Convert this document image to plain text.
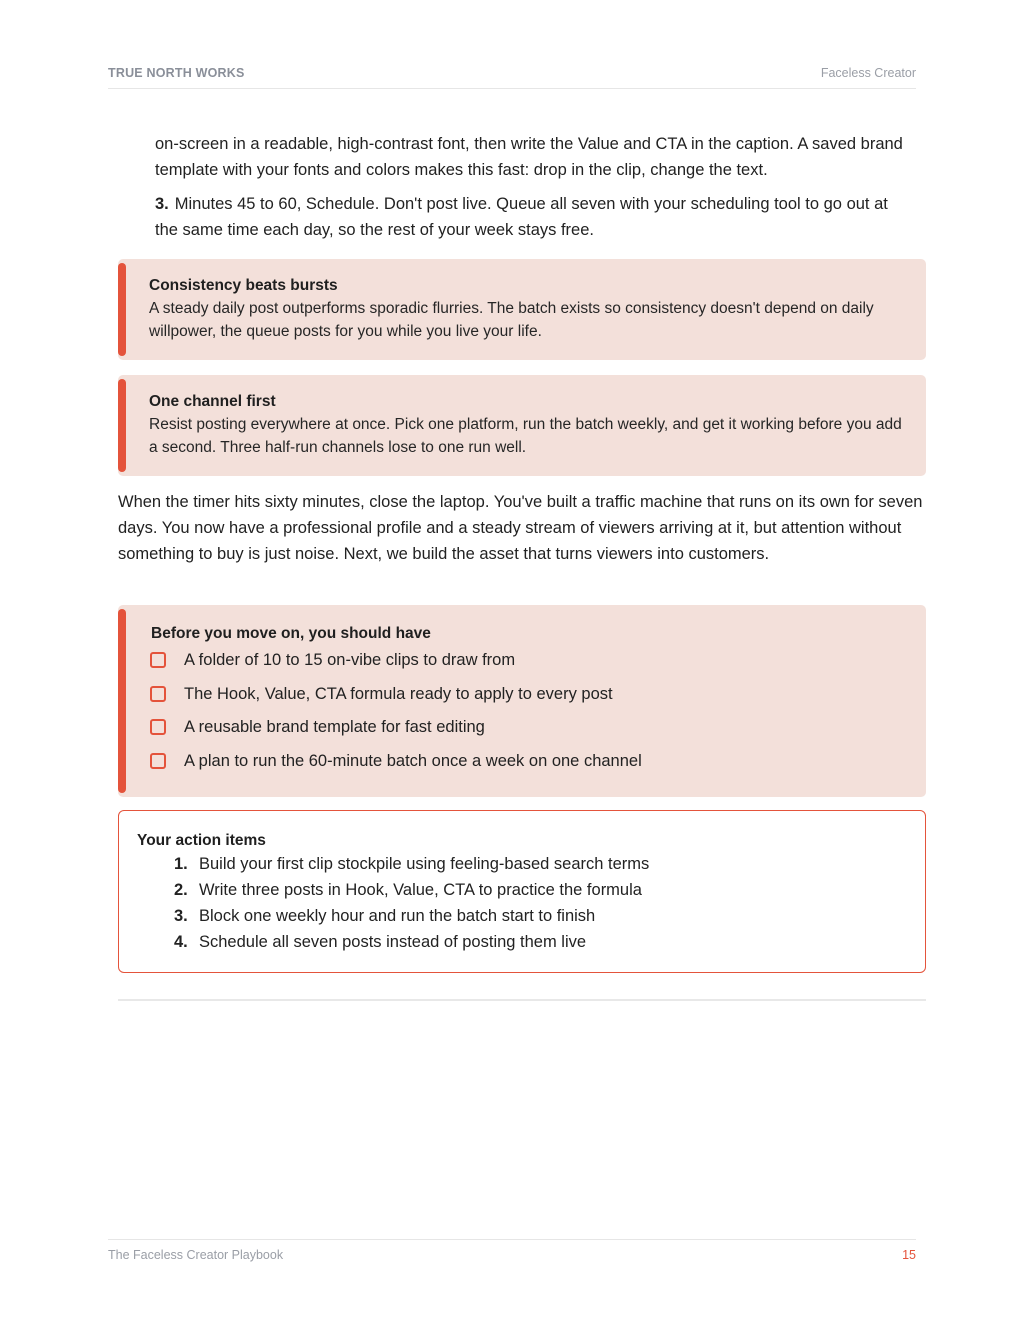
TRUE NORTH WORKS	Faceless Creator

on-screen in a readable, high-contrast font, then write the Value and CTA in the caption. A saved brand template with your fonts and colors makes this fast: drop in the clip, change the text.

3. Minutes 45 to 60, Schedule. Don't post live. Queue all seven with your scheduling tool to go out at the same time each day, so the rest of your week stays free.

Consistency beats bursts

A steady daily post outperforms sporadic flurries. The batch exists so consistency doesn't depend on daily willpower, the queue posts for you while you live your life.

One channel first

Resist posting everywhere at once. Pick one platform, run the batch weekly, and get it working before you add a second. Three half-run channels lose to one run well.

When the timer hits sixty minutes, close the laptop. You've built a traffic machine that runs on its own for seven days. You now have a professional profile and a steady stream of viewers arriving at it, but attention without something to buy is just noise. Next, we build the asset that turns viewers into customers.

Before you move on, you should have
A folder of 10 to 15 on-vibe clips to draw from
The Hook, Value, CTA formula ready to apply to every post
A reusable brand template for fast editing
A plan to run the 60-minute batch once a week on one channel
Your action items
1. Build your first clip stockpile using feeling-based search terms
2. Write three posts in Hook, Value, CTA to practice the formula
3. Block one weekly hour and run the batch start to finish
4. Schedule all seven posts instead of posting them live
The Faceless Creator Playbook	15
